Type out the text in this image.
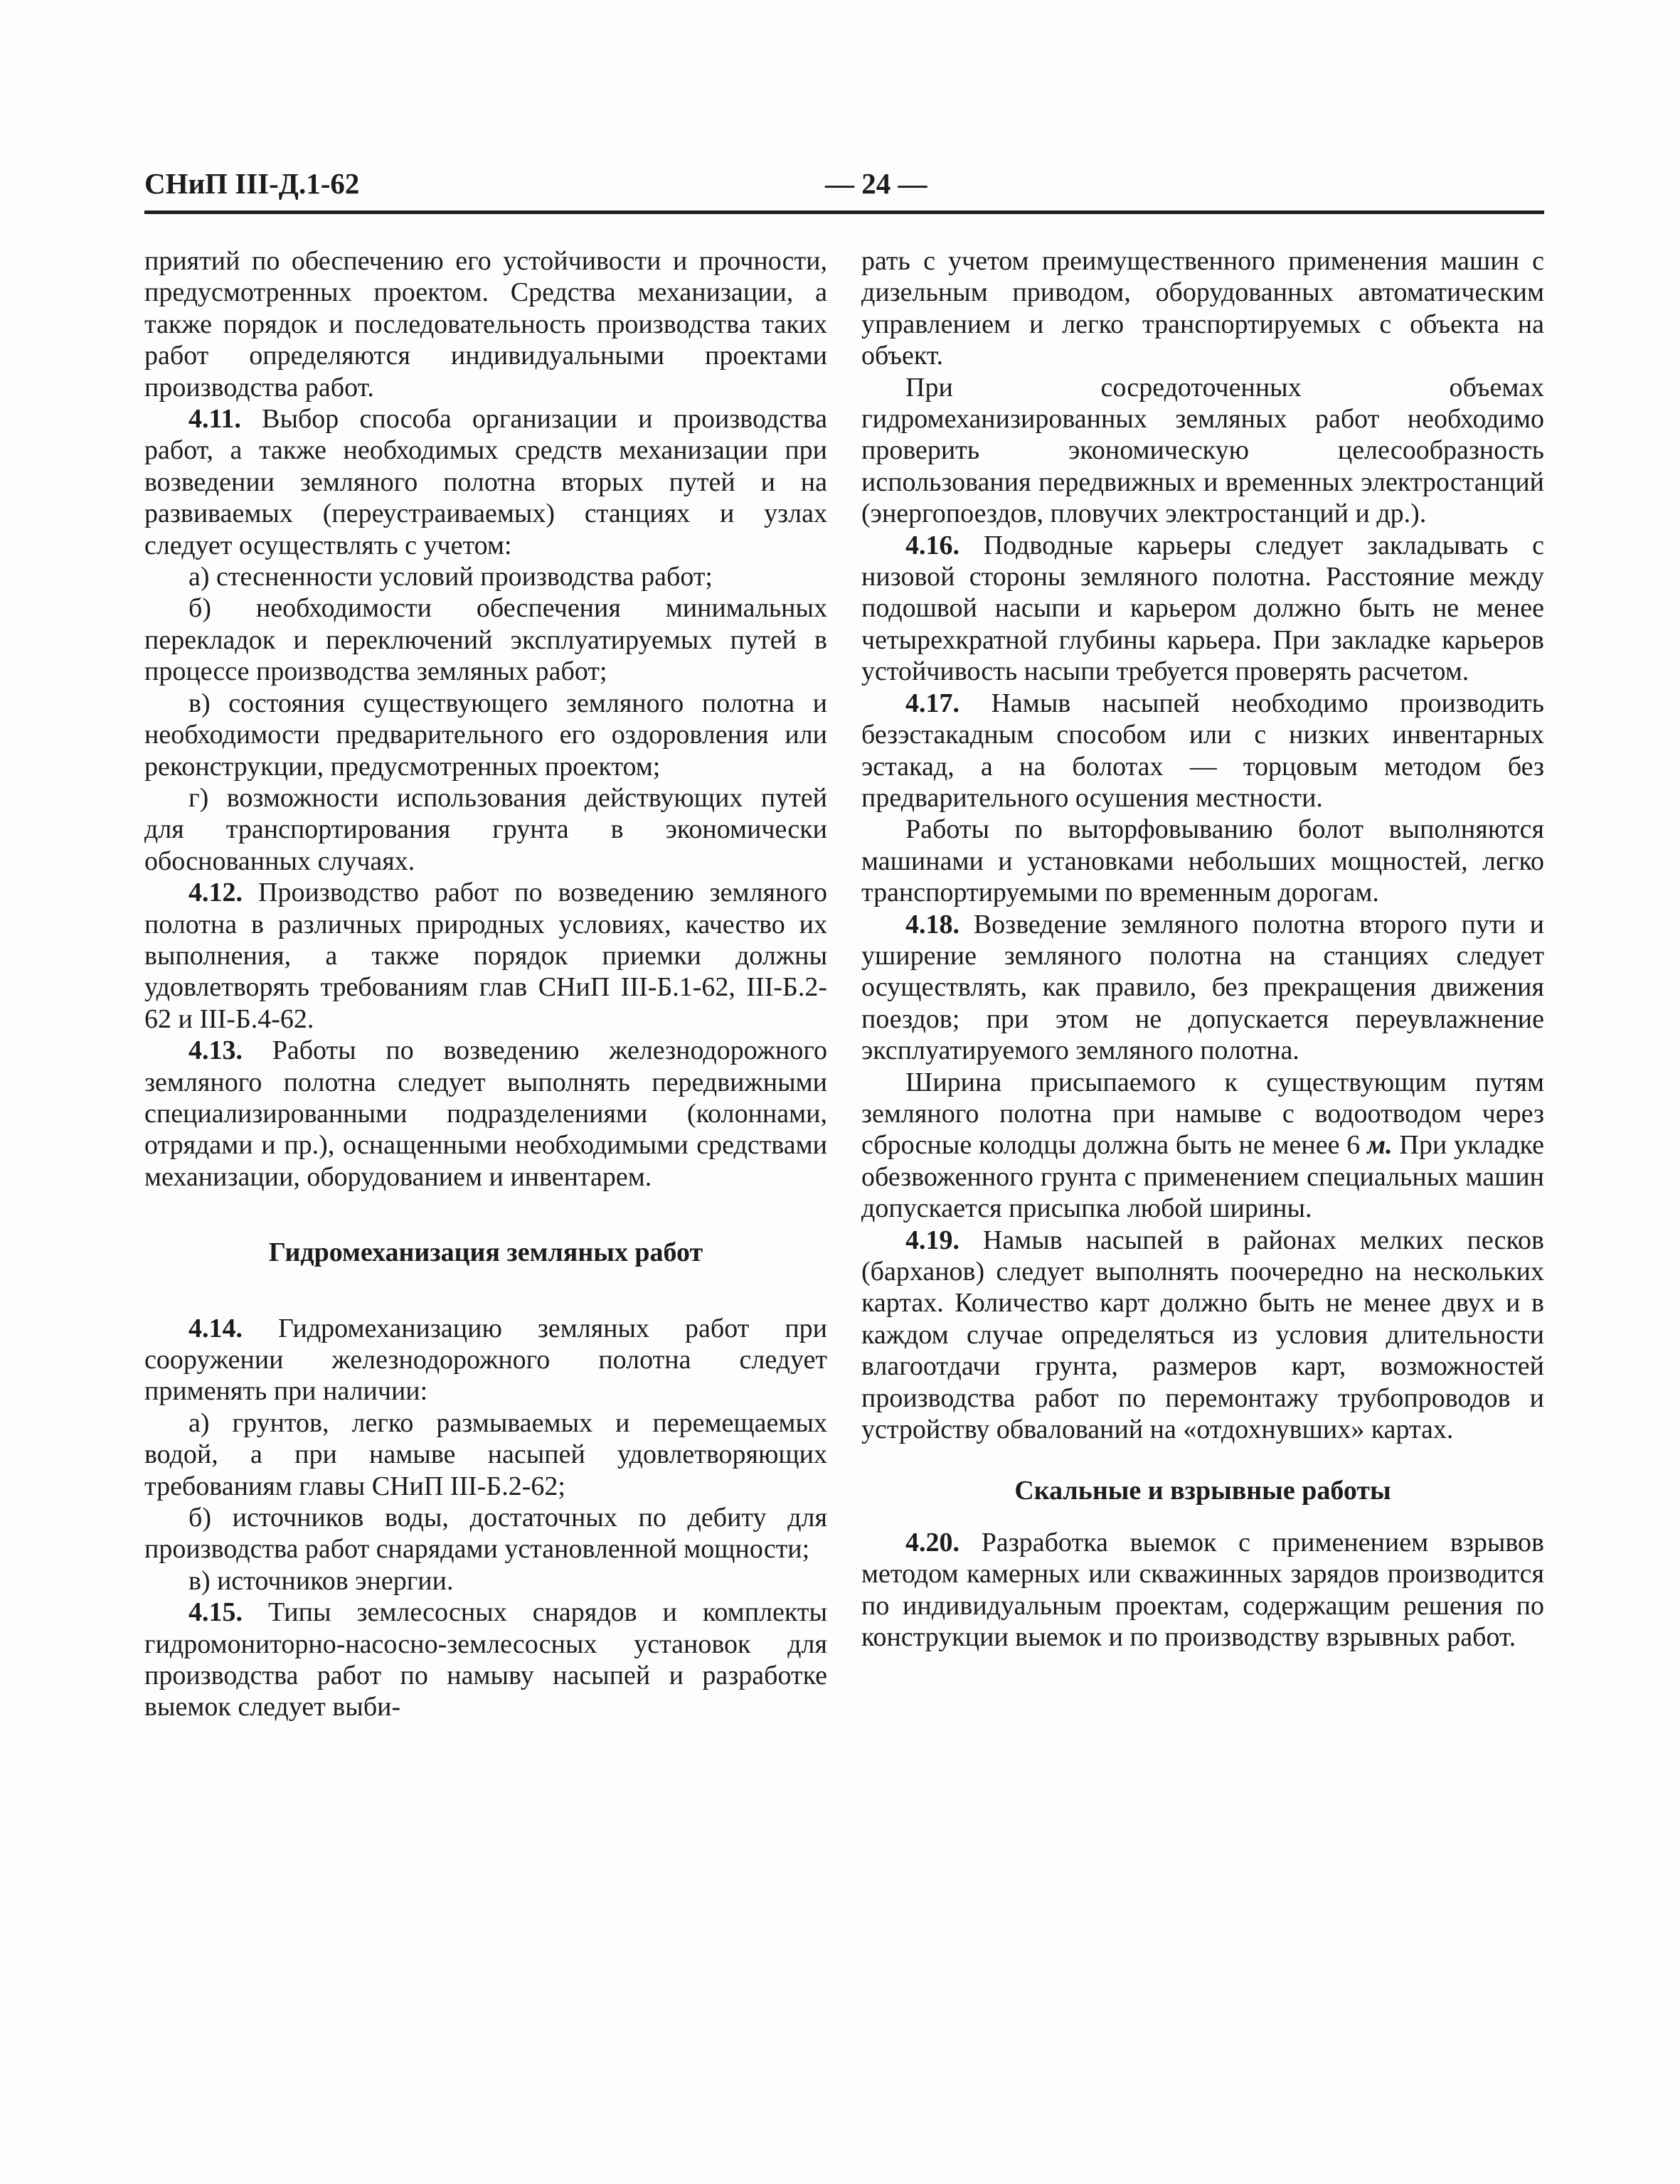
СНиП III-Д.1-62	— 24 —

приятий по обеспечению его устойчивости и прочности, предусмотренных проектом. Средства механизации, а также порядок и последовательность производства таких работ определяются индивидуальными проектами производства работ.

4.11. Выбор способа организации и производства работ, а также необходимых средств механизации при возведении земляного полотна вторых путей и на развиваемых (переустраиваемых) станциях и узлах следует осуществлять с учетом:

а) стесненности условий производства работ;

б) необходимости обеспечения минимальных перекладок и переключений эксплуатируемых путей в процессе производства земляных работ;

в) состояния существующего земляного полотна и необходимости предварительного его оздоровления или реконструкции, предусмотренных проектом;

г) возможности использования действующих путей для транспортирования грунта в экономически обоснованных случаях.

4.12. Производство работ по возведению земляного полотна в различных природных условиях, качество их выполнения, а также порядок приемки должны удовлетворять требованиям глав СНиП III-Б.1-62, III-Б.2-62 и III-Б.4-62.

4.13. Работы по возведению железнодорожного земляного полотна следует выполнять передвижными специализированными подразделениями (колоннами, отрядами и пр.), оснащенными необходимыми средствами механизации, оборудованием и инвентарем.

Гидромеханизация земляных работ

4.14. Гидромеханизацию земляных работ при сооружении железнодорожного полотна следует применять при наличии:

а) грунтов, легко размываемых и перемещаемых водой, а при намыве насыпей удовлетворяющих требованиям главы СНиП III-Б.2-62;

б) источников воды, достаточных по дебиту для производства работ снарядами установленной мощности;

в) источников энергии.

4.15. Типы землесосных снарядов и комплекты гидромониторно-насосно-землесосных установок для производства работ по намыву насыпей и разработке выемок следует выби-

рать с учетом преимущественного применения машин с дизельным приводом, оборудованных автоматическим управлением и легко транспортируемых с объекта на объект.

При сосредоточенных объемах гидромеханизированных земляных работ необходимо проверить экономическую целесообразность использования передвижных и временных электростанций (энергопоездов, пловучих электростанций и др.).

4.16. Подводные карьеры следует закладывать с низовой стороны земляного полотна. Расстояние между подошвой насыпи и карьером должно быть не менее четырехкратной глубины карьера. При закладке карьеров устойчивость насыпи требуется проверять расчетом.

4.17. Намыв насыпей необходимо производить безэстакадным способом или с низких инвентарных эстакад, а на болотах — торцовым методом без предварительного осушения местности.

Работы по выторфовыванию болот выполняются машинами и установками небольших мощностей, легко транспортируемыми по временным дорогам.

4.18. Возведение земляного полотна второго пути и уширение земляного полотна на станциях следует осуществлять, как правило, без прекращения движения поездов; при этом не допускается переувлажнение эксплуатируемого земляного полотна.

Ширина присыпаемого к существующим путям земляного полотна при намыве с водоотводом через сбросные колодцы должна быть не менее 6 м. При укладке обезвоженного грунта с применением специальных машин допускается присыпка любой ширины.

4.19. Намыв насыпей в районах мелких песков (барханов) следует выполнять поочередно на нескольких картах. Количество карт должно быть не менее двух и в каждом случае определяться из условия длительности влагоотдачи грунта, размеров карт, возможностей производства работ по перемонтажу трубопроводов и устройству обвалований на «отдохнувших» картах.

Скальные и взрывные работы

4.20. Разработка выемок с применением взрывов методом камерных или скважинных зарядов производится по индивидуальным проектам, содержащим решения по конструкции выемок и по производству взрывных работ.
